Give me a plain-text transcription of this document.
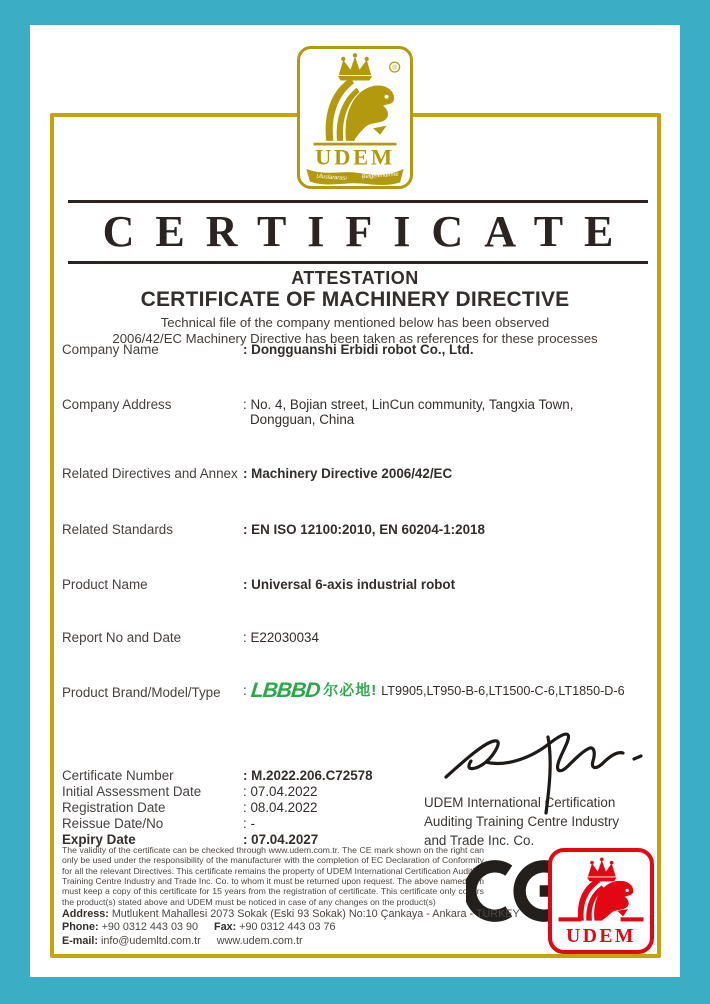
®
UDEM
Uluslararası Belgelendirme
CERTIFICATE
ATTESTATION
CERTIFICATE OF MACHINERY DIRECTIVE
Technical file of the company mentioned below has been observed
2006/42/EC Machinery Directive has been taken as references for these processes
Company Name	: Dongguanshi Erbidi robot Co., Ltd.
Company Address	: No. 4, Bojian street, LinCun community, Tangxia Town,
Dongguan, China
Related Directives and Annex : Machinery Directive 2006/42/EC
Related Standards	: EN ISO 12100:2010, EN 60204-1:2018
Product Name	: Universal 6-axis industrial robot
Report No and Date	: E22030034
Product Brand/Model/Type : LBBBD 尔必地! LT9905,LT950-B-6,LT1500-C-6,LT1850-D-6
Certificate Number	: M.2022.206.C72578
Initial Assessment Date	: 07.04.2022
Registration Date	: 08.04.2022
Reissue Date/No	: -
Expiry Date	: 07.04.2027
UDEM International Certification
Auditing Training Centre Industry
and Trade Inc. Co.
The validity of the certificate can be checked through www.udem.com.tr. The CE mark shown on the right can only be used under the responsibility of the manufacturer with the completion of EC Declaration of Conformity for all the relevant Directives. This certificate remains the property of UDEM International Certification Auditing Training Centre Industry and Trade Inc. Co. to whom it must be returned upon request. The above named firm must keep a copy of this certificate for 15 years from the registration of certificate. This certificate only covers the product(s) stated above and UDEM must be noticed in case of any changes on the product(s)
UDEM
Address: Mutlukent Mahallesi 2073 Sokak (Eski 93 Sokak) No:10 Çankaya - Ankara - TURKEY
Phone: +90 0312 443 03 90 Fax: +90 0312 443 03 76
E-mail: info@udemltd.com.tr www.udem.com.tr
